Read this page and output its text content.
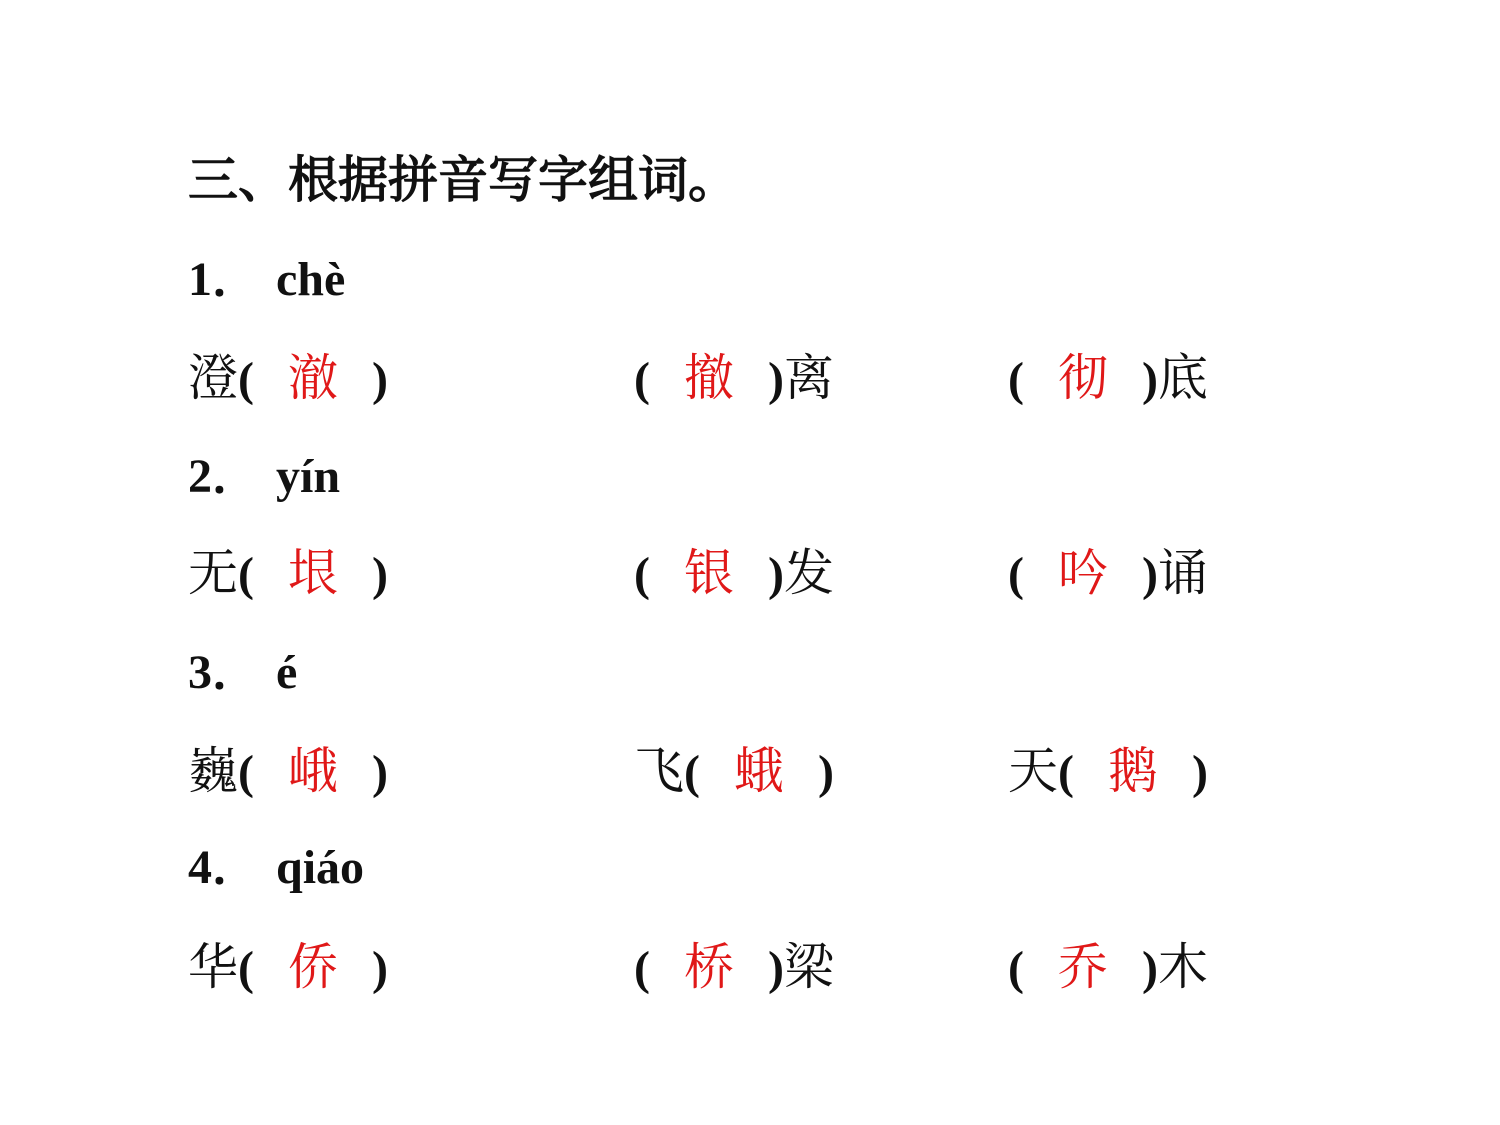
三、根据拼音写字组词。
1． chè
澄( 澈 )	( 撤 )离	( 彻 )底
2． yín
无( 垠 )	( 银 )发	( 吟 )诵
3． é
巍( 峨 )	飞( 蛾 )	天( 鹅 )
4． qiáo
华( 侨 )	( 桥 )梁	( 乔 )木
